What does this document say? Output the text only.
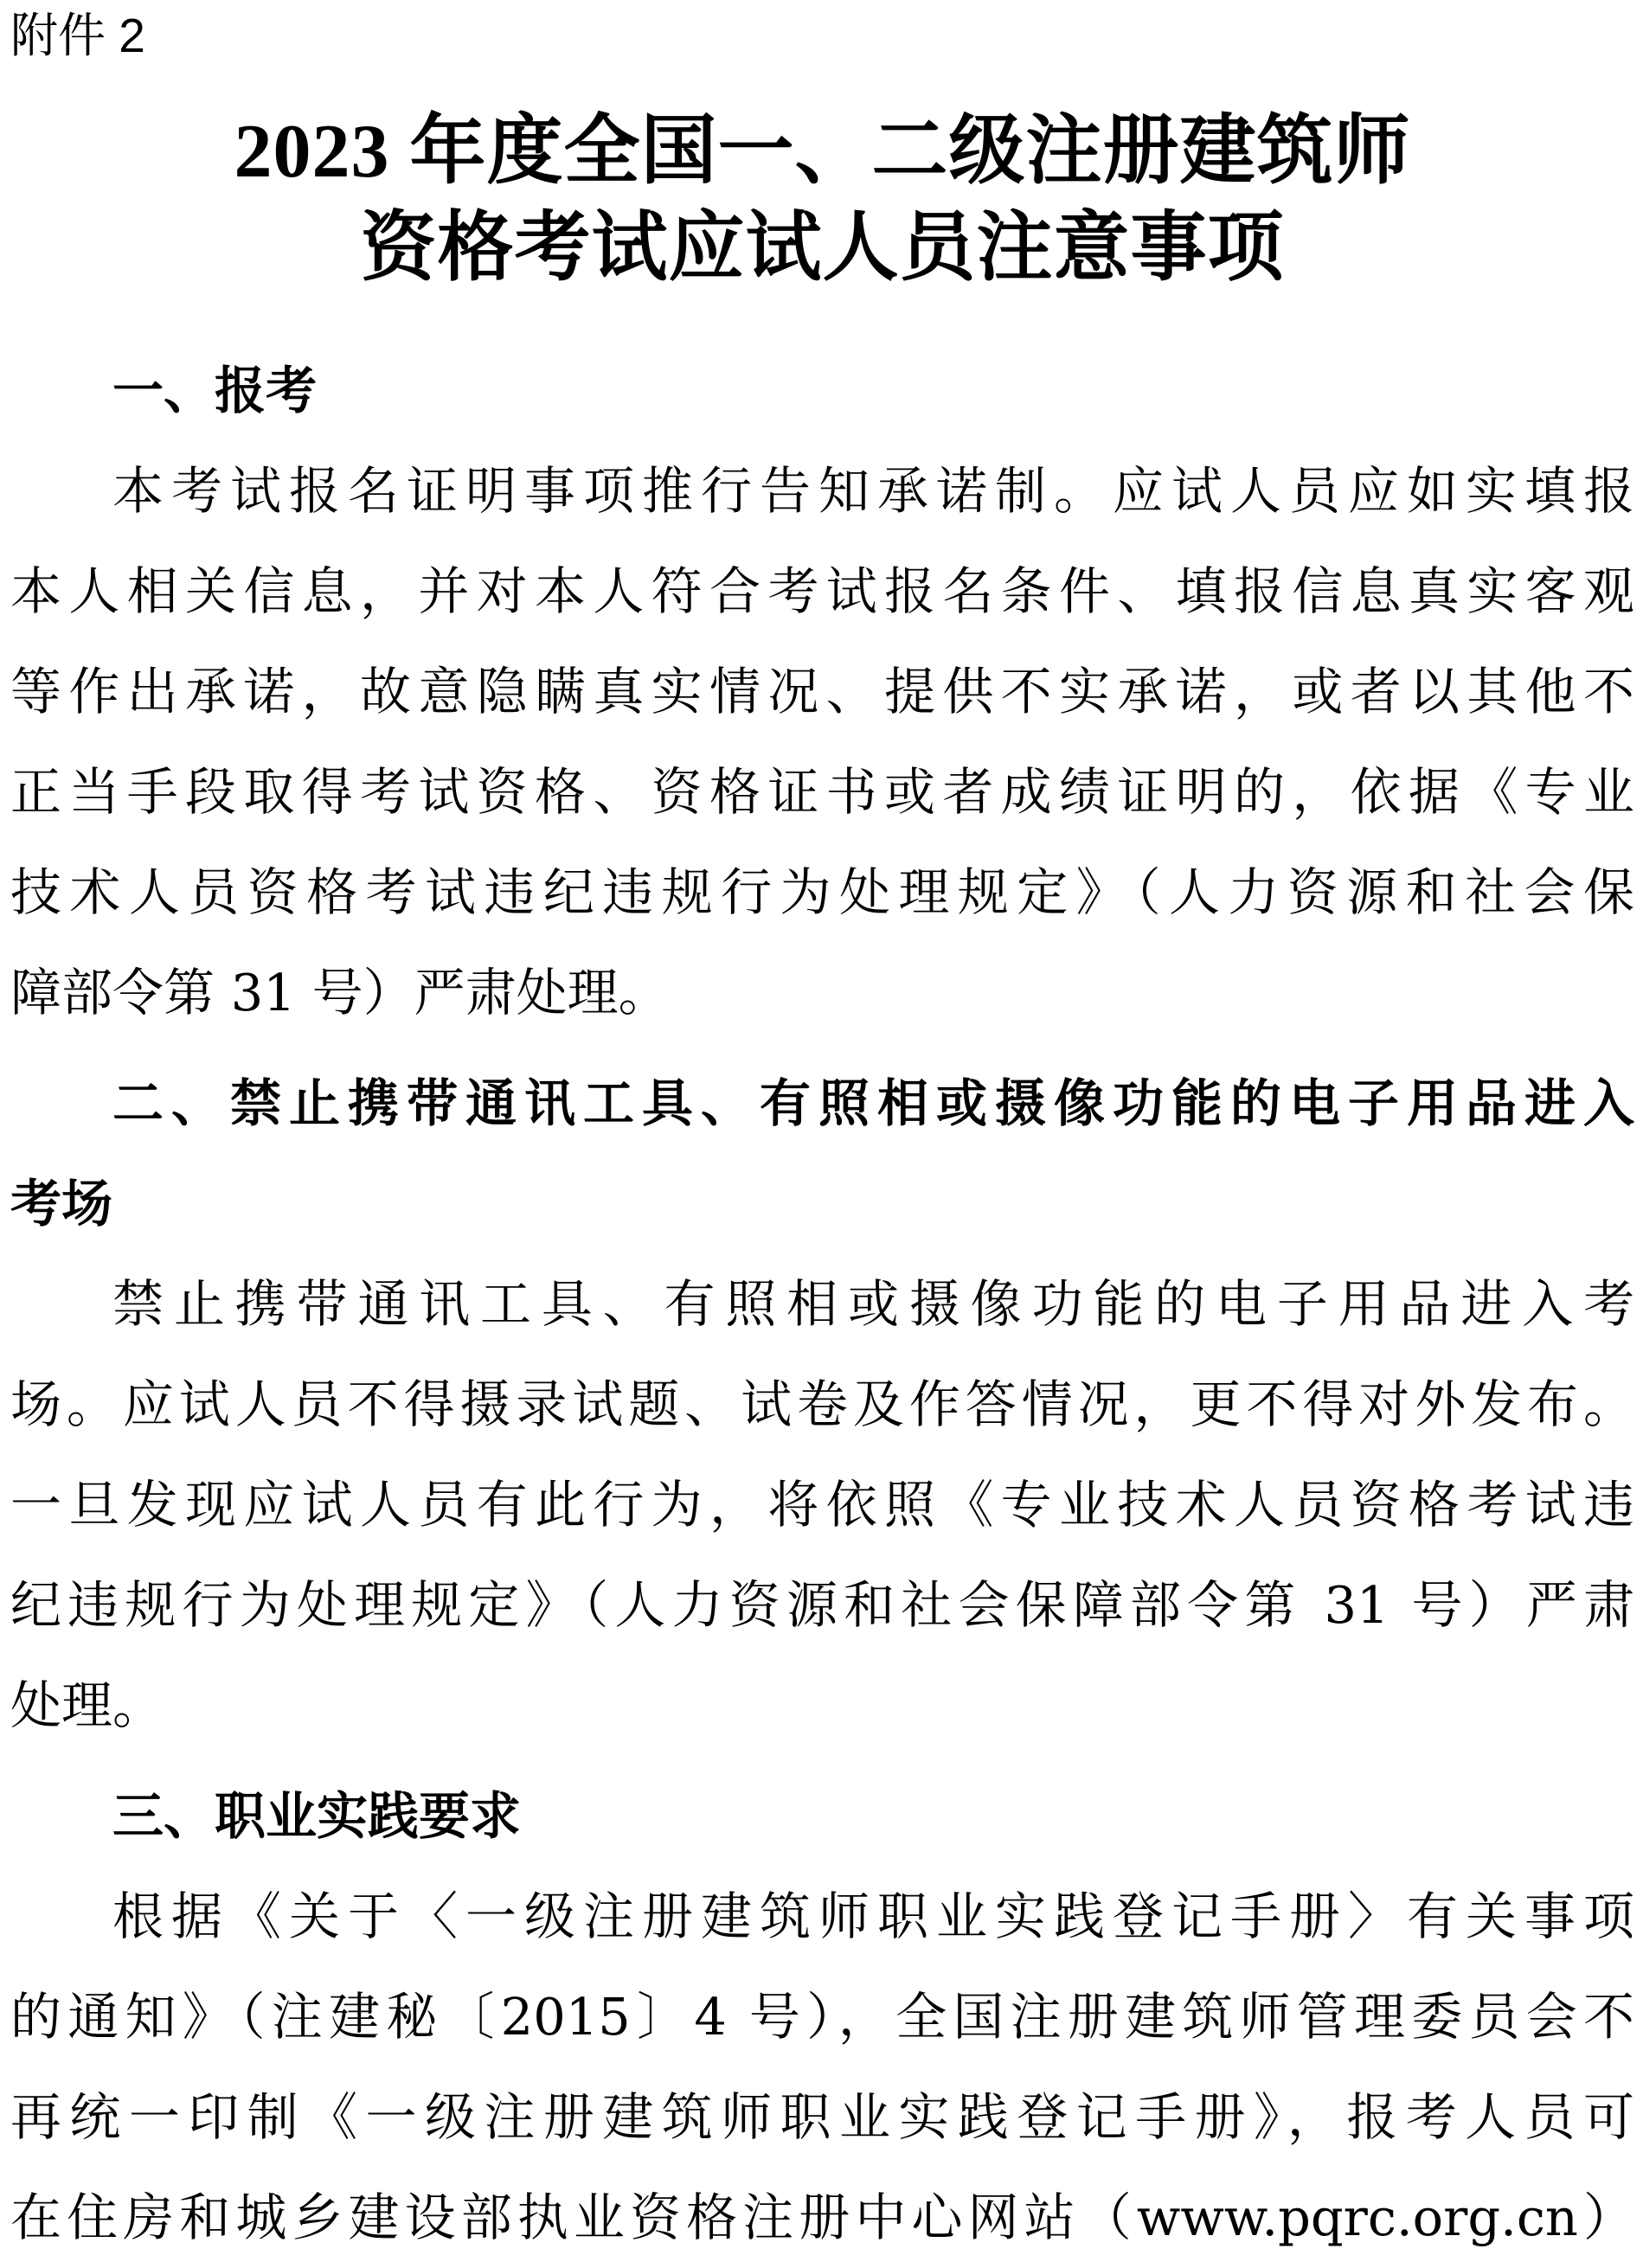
附件 2
2023 年度全国一、二级注册建筑师
资格考试应试人员注意事项
一、报考
本考试报名证明事项推行告知承诺制。应试人员应如实填报
本人相关信息，并对本人符合考试报名条件、填报信息真实客观
等作出承诺，故意隐瞒真实情况、提供不实承诺，或者以其他不
正当手段取得考试资格、资格证书或者成绩证明的，依据《专业
技术人员资格考试违纪违规行为处理规定》（人力资源和社会保
障部令第 31 号）严肃处理。
二、禁止携带通讯工具、有照相或摄像功能的电子用品进入
考场
禁止携带通讯工具、有照相或摄像功能的电子用品进入考
场。应试人员不得摄录试题、试卷及作答情况，更不得对外发布。
一旦发现应试人员有此行为，将依照《专业技术人员资格考试违
纪违规行为处理规定》（人力资源和社会保障部令第 31 号）严肃
处理。
三、职业实践要求
根据《关于〈一级注册建筑师职业实践登记手册〉有关事项
的通知》（注建秘〔2015〕4 号），全国注册建筑师管理委员会不
再统一印制《一级注册建筑师职业实践登记手册》，报考人员可
在住房和城乡建设部执业资格注册中心网站（www.pqrc.org.cn）
